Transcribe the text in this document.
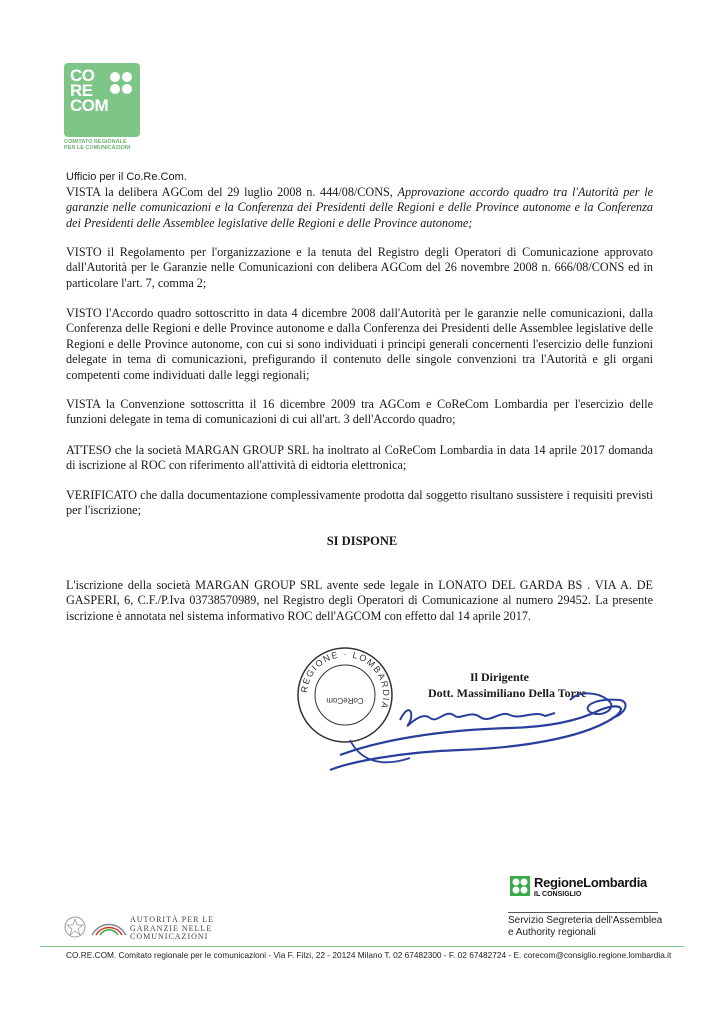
CO
RE
COM
COMITATO REGIONALE
PER LE COMUNICAZIONI
Ufficio per il Co.Re.Com.
VISTA la delibera AGCom del 29 luglio 2008 n. 444/08/CONS, Approvazione accordo quadro tra l'Autorità per le garanzie nelle comunicazioni e la Conferenza dei Presidenti delle Regioni e delle Province autonome e la Conferenza dei Presidenti delle Assemblee legislative delle Regioni e delle Province autonome;
VISTO il Regolamento per l'organizzazione e la tenuta del Registro degli Operatori di Comunicazione approvato dall'Autorità per le Garanzie nelle Comunicazioni con delibera AGCom del 26 novembre 2008 n. 666/08/CONS ed in particolare l'art. 7, comma 2;
VISTO l'Accordo quadro sottoscritto in data 4 dicembre 2008 dall'Autorità per le garanzie nelle comunicazioni, dalla Conferenza delle Regioni e delle Province autonome e dalla Conferenza dei Presidenti delle Assemblee legislative delle Regioni e delle Province autonome, con cui si sono individuati i principi generali concernenti l'esercizio delle funzioni delegate in tema di comunicazioni, prefigurando il contenuto delle singole convenzioni tra l'Autorità e gli organi competenti come individuati dalle leggi regionali;
VISTA la Convenzione sottoscritta il 16 dicembre 2009 tra AGCom e CoReCom Lombardia per l'esercizio delle funzioni delegate in tema di comunicazioni di cui all'art. 3 dell'Accordo quadro;
ATTESO che la società MARGAN GROUP SRL ha inoltrato al CoReCom Lombardia in data 14 aprile 2017 domanda di iscrizione al ROC con riferimento all'attività di eidtoria elettronica;
VERIFICATO che dalla documentazione complessivamente prodotta dal soggetto risultano sussistere i requisiti previsti per l'iscrizione;
SI DISPONE
L'iscrizione della società MARGAN GROUP SRL avente sede legale in LONATO DEL GARDA BS . VIA A. DE GASPERI, 6, C.F./P.Iva 03738570989, nel Registro degli Operatori di Comunicazione al numero 29452. La presente iscrizione è annotata nel sistema informativo ROC dell'AGCOM con effetto dal 14 aprile 2017.
CoReCom
REGIONE · LOMBARDIA
Il Dirigente
Dott. Massimiliano Della Torre
RegioneLombardia
IL CONSIGLIO
Servizio Segreteria dell'Assemblea
e Authority regionali
AUTORITÀ PER LE
GARANZIE NELLE
COMUNICAZIONI
CO.RE.COM. Comitato regionale per le comunicazioni - Via F. Filzi, 22 - 20124 Milano T. 02 67482300 - F. 02 67482724 - E. corecom@consiglio.regione.lombardia.it
